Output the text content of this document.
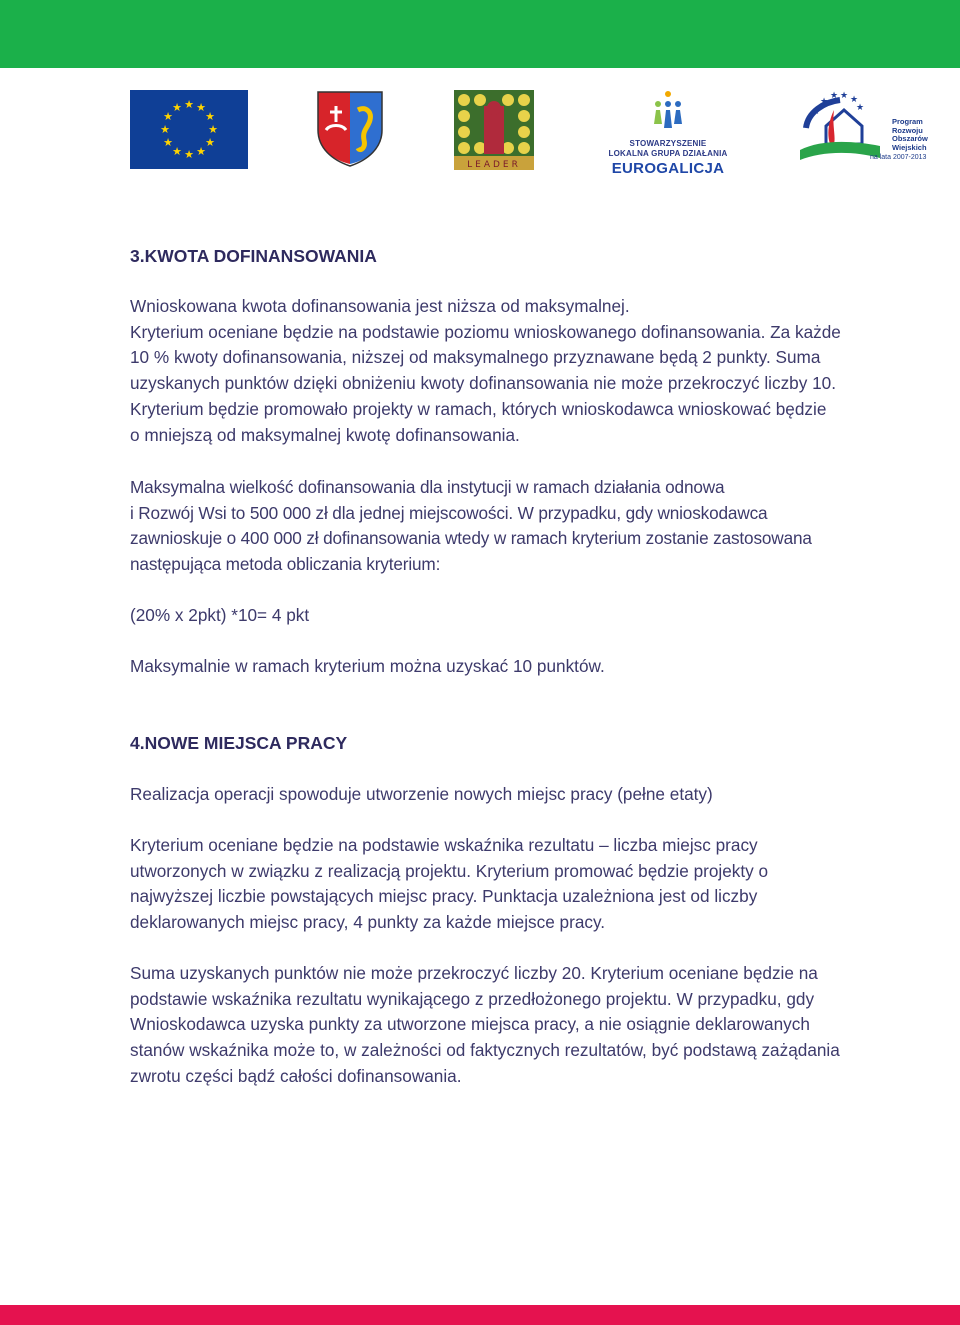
★ ★
★
★
★
★
★
★
★
★
★
★
LEADER
STOWARZYSZENIE
LOKALNA GRUPA DZIAŁANIA
EUROGALICJA
★ ★ ★
★
★	★
Program
Rozwoju
Obszarów
Wiejskich
na lata 2007-2013
3.KWOTA DOFINANSOWANIA
Wnioskowana kwota dofinansowania jest niższa od maksymalnej.
Kryterium oceniane będzie na podstawie poziomu wnioskowanego dofinansowania. Za każde
10 % kwoty dofinansowania, niższej od maksymalnego przyznawane będą 2 punkty. Suma
uzyskanych punktów dzięki obniżeniu kwoty dofinansowania nie może przekroczyć liczby 10.
Kryterium będzie promowało projekty w ramach, których wnioskodawca wnioskować będzie
o mniejszą od maksymalnej kwotę dofinansowania.
Maksymalna wielkość dofinansowania dla instytucji w ramach działania odnowa
i Rozwój Wsi to 500 000 zł dla jednej miejscowości. W przypadku, gdy wnioskodawca
zawnioskuje o 400 000 zł dofinansowania wtedy w ramach kryterium zostanie zastosowana
następująca metoda obliczania kryterium:

(20% x 2pkt) *10= 4 pkt

Maksymalnie w ramach kryterium można uzyskać 10 punktów.

4.NOWE MIEJSCA PRACY

Realizacja operacji spowoduje utworzenie nowych miejsc pracy (pełne etaty)

Kryterium oceniane będzie na podstawie wskaźnika rezultatu – liczba miejsc pracy
utworzonych w związku z realizacją projektu. Kryterium promować będzie projekty o
najwyższej liczbie powstających miejsc pracy. Punktacja uzależniona jest od liczby
deklarowanych miejsc pracy, 4 punkty za każde miejsce pracy.
Suma uzyskanych punktów nie może przekroczyć liczby 20. Kryterium oceniane będzie na
podstawie wskaźnika rezultatu wynikającego z przedłożonego projektu. W przypadku, gdy
Wnioskodawca uzyska punkty za utworzone miejsca pracy, a nie osiągnie deklarowanych
stanów wskaźnika może to, w zależności od faktycznych rezultatów, być podstawą zażądania
zwrotu części bądź całości dofinansowania.
